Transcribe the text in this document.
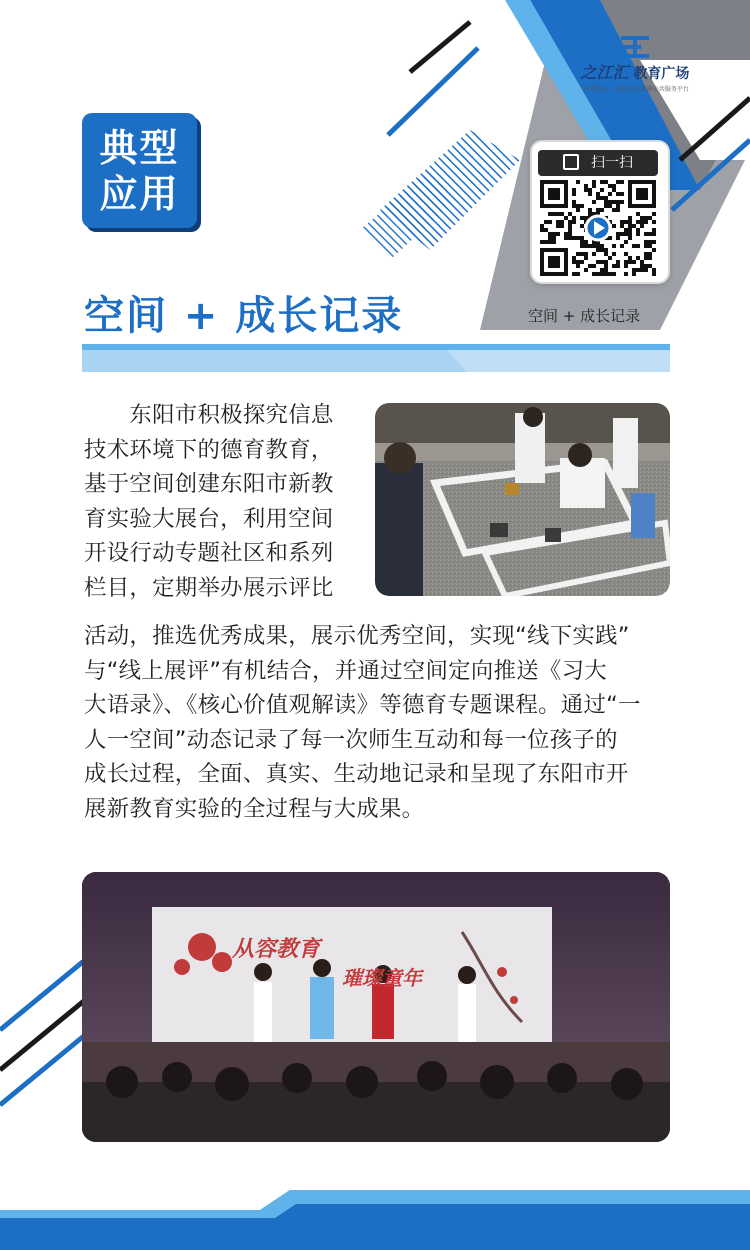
典型
应用
之江汇 教育广场
中国教育云 · 浙江教育资源公共服务平台
扫一扫
空间 + 成长记录
空间 + 成长记录
　　东阳市积极探究信息
技术环境下的德育教育，
基于空间创建东阳市新教
育实验大展台，利用空间
开设行动专题社区和系列
栏目，定期举办展示评比
活动，推选优秀成果，展示优秀空间，实现“线下实践”
与“线上展评”有机结合，并通过空间定向推送《习大
大语录》、《核心价值观解读》等德育专题课程。通过“一
人一空间”动态记录了每一次师生互动和每一位孩子的
成长过程，全面、真实、生动地记录和呈现了东阳市开
展新教育实验的全过程与大成果。
从容教育
璀璨童年
